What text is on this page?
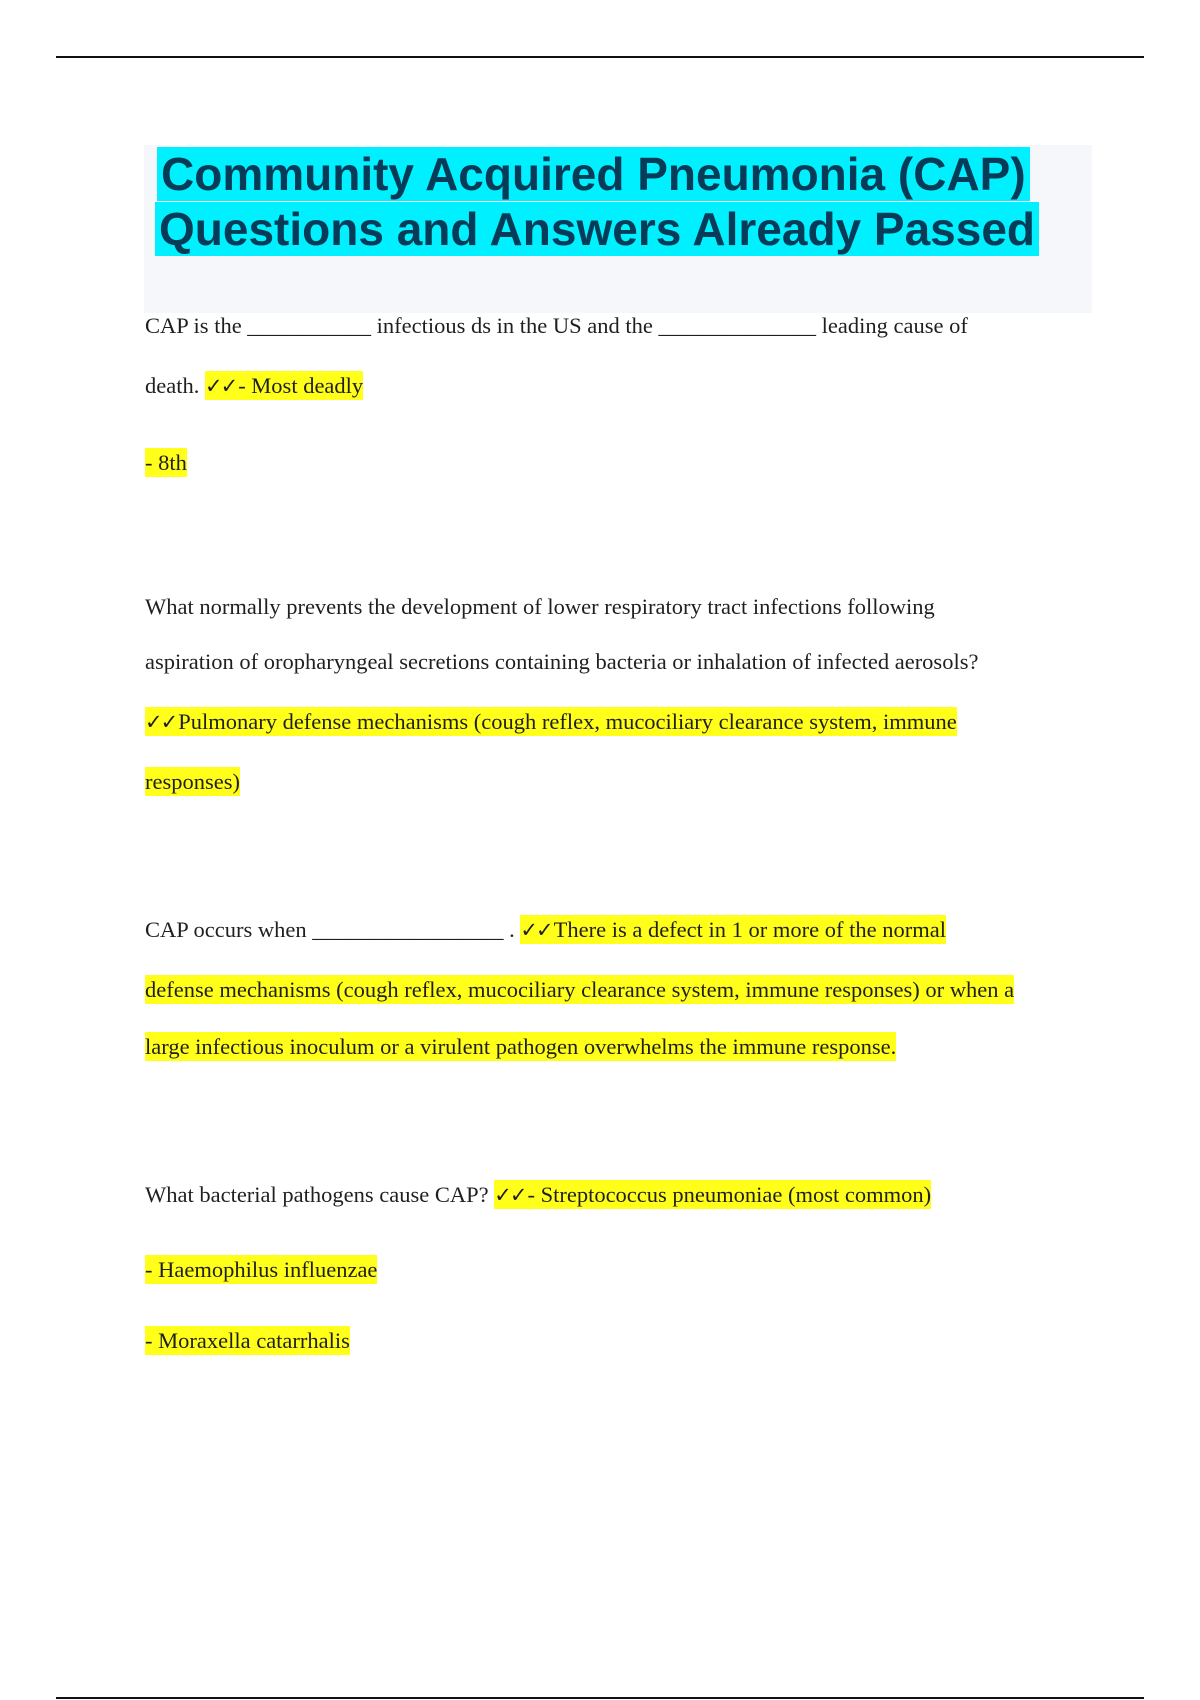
Community Acquired Pneumonia (CAP)
Questions and Answers Already Passed
CAP is the ___________ infectious ds in the US and the ______________ leading cause of
death. ✓✓- Most deadly
- 8th
What normally prevents the development of lower respiratory tract infections following
aspiration of oropharyngeal secretions containing bacteria or inhalation of infected aerosols?
✓✓Pulmonary defense mechanisms (cough reflex, mucociliary clearance system, immune
responses)
CAP occurs when _________________ . ✓✓There is a defect in 1 or more of the normal
defense mechanisms (cough reflex, mucociliary clearance system, immune responses) or when a
large infectious inoculum or a virulent pathogen overwhelms the immune response.
What bacterial pathogens cause CAP? ✓✓- Streptococcus pneumoniae (most common)
- Haemophilus influenzae
- Moraxella catarrhalis
